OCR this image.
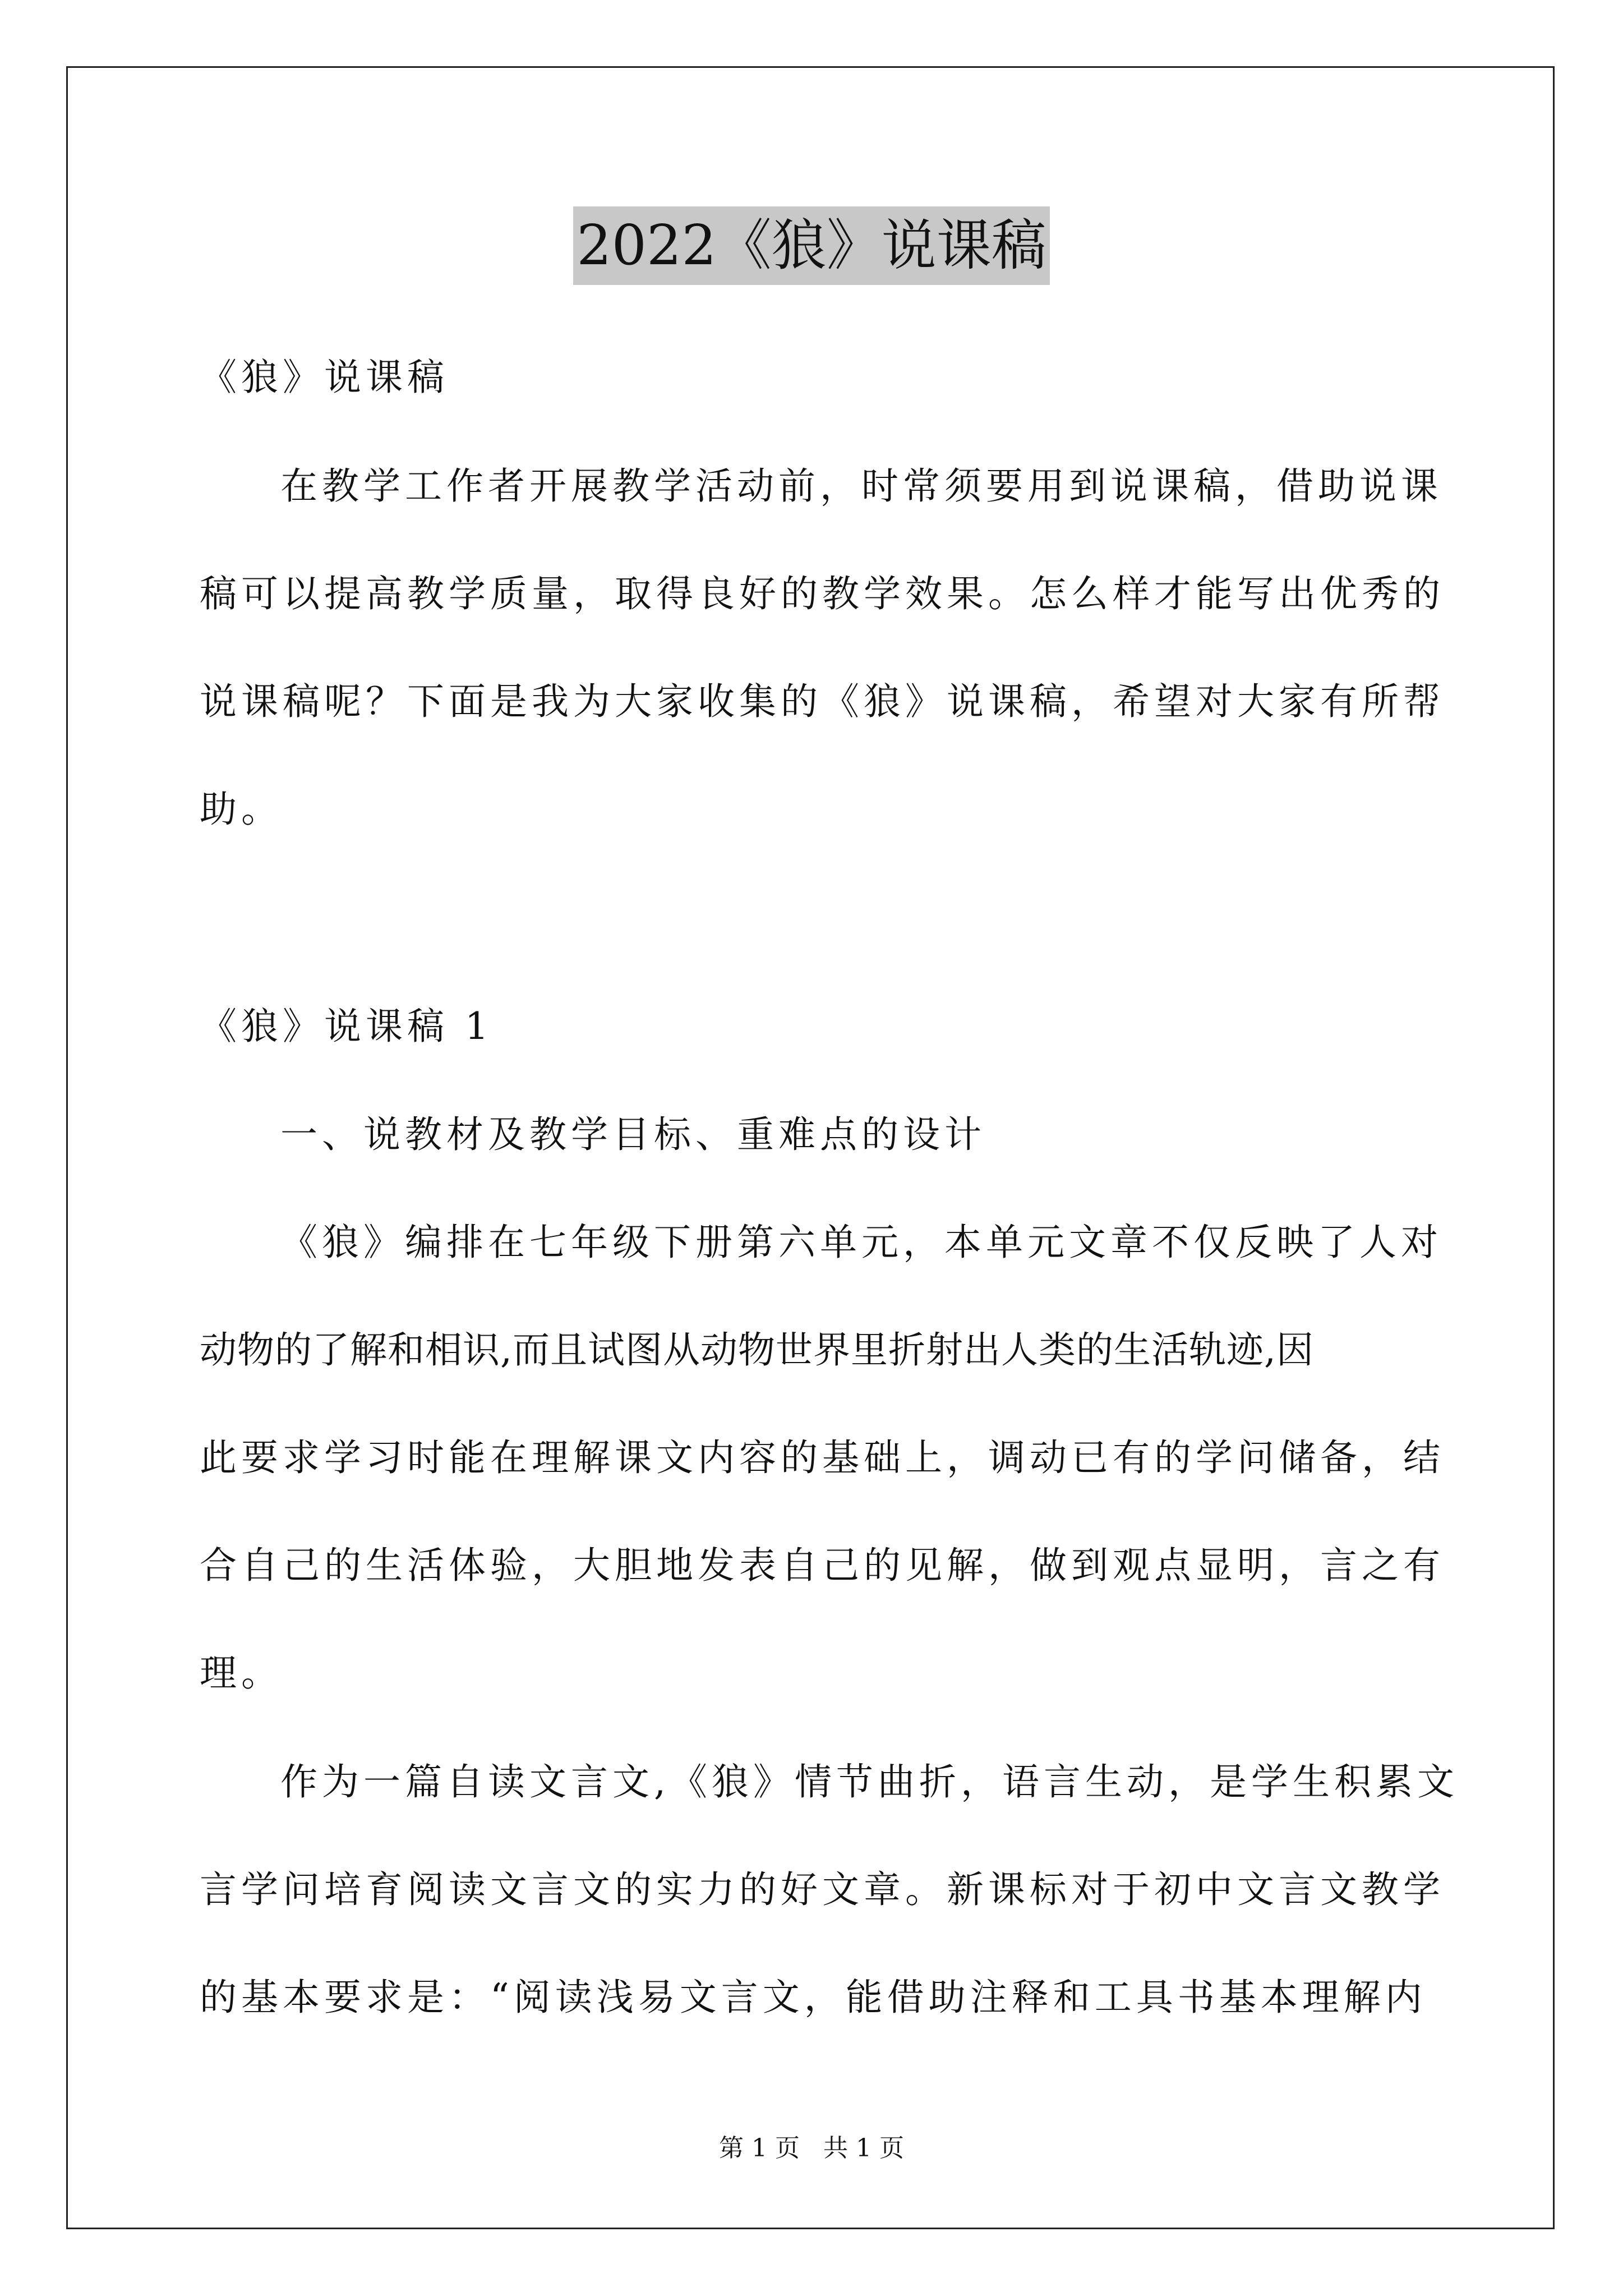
2022《狼》说课稿
《狼》说课稿
在教学工作者开展教学活动前，时常须要用到说课稿，借助说课
稿可以提高教学质量，取得良好的教学效果。怎么样才能写出优秀的
说课稿呢？下面是我为大家收集的《狼》说课稿，希望对大家有所帮
助。
《狼》说课稿 1
一、说教材及教学目标、重难点的设计
《狼》编排在七年级下册第六单元，本单元文章不仅反映了人对
动物的了解和相识,而且试图从动物世界里折射出人类的生活轨迹,因
此要求学习时能在理解课文内容的基础上，调动已有的学问储备，结
合自己的生活体验，大胆地发表自己的见解，做到观点显明，言之有
理。
作为一篇自读文言文,《狼》情节曲折，语言生动，是学生积累文
言学问培育阅读文言文的实力的好文章。新课标对于初中文言文教学
的基本要求是：“阅读浅易文言文，能借助注释和工具书基本理解内
第 1 页   共 1 页
